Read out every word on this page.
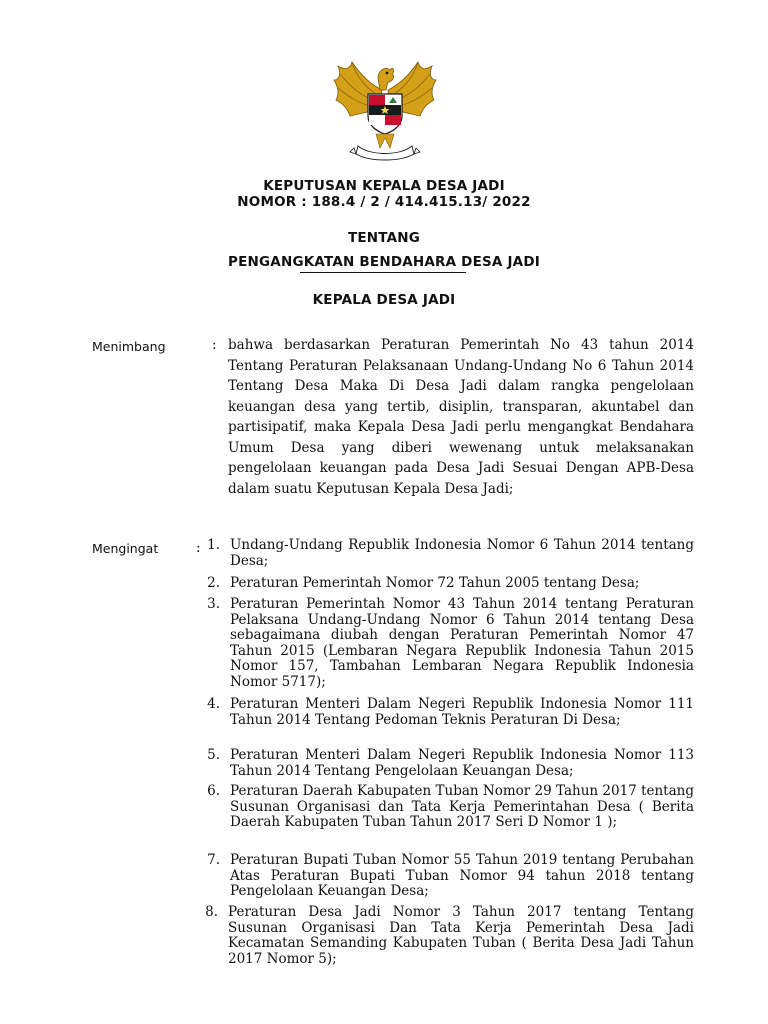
KEPUTUSAN KEPALA DESA JADI
NOMOR : 188.4 / 2 / 414.415.13/ 2022
TENTANG
PENGANGKATAN BENDAHARA DESA JADI
KEPALA DESA JADI
Menimbang	: bahwa berdasarkan Peraturan Pemerintah No 43 tahun 2014 Tentang Peraturan Pelaksanaan Undang-Undang No 6 Tahun 2014 Tentang Desa Maka Di Desa Jadi dalam rangka pengelolaan keuangan desa yang tertib, disiplin, transparan, akuntabel dan partisipatif, maka Kepala Desa Jadi perlu mengangkat Bendahara Umum Desa yang diberi wewenang untuk melaksanakan pengelolaan keuangan pada Desa Jadi Sesuai Dengan APB-Desa dalam suatu Keputusan Kepala Desa Jadi;

Mengingat	: 1. Undang-Undang Republik Indonesia Nomor 6 Tahun 2014 tentang Desa;
2. Peraturan Pemerintah Nomor 72 Tahun 2005 tentang Desa;
3. Peraturan Pemerintah Nomor 43 Tahun 2014 tentang Peraturan Pelaksana Undang-Undang Nomor 6 Tahun 2014 tentang Desa sebagaimana diubah dengan Peraturan Pemerintah Nomor 47 Tahun 2015 (Lembaran Negara Republik Indonesia Tahun 2015 Nomor 157, Tambahan Lembaran Negara Republik Indonesia Nomor 5717);
4. Peraturan Menteri Dalam Negeri Republik Indonesia Nomor 111 Tahun 2014 Tentang Pedoman Teknis Peraturan Di Desa;
5. Peraturan Menteri Dalam Negeri Republik Indonesia Nomor 113 Tahun 2014 Tentang Pengelolaan Keuangan Desa;
6. Peraturan Daerah Kabupaten Tuban Nomor 29 Tahun 2017 tentang Susunan Organisasi dan Tata Kerja Pemerintahan Desa ( Berita Daerah Kabupaten Tuban Tahun 2017 Seri D Nomor 1 );
7. Peraturan Bupati Tuban Nomor 55 Tahun 2019 tentang Perubahan Atas Peraturan Bupati Tuban Nomor 94 tahun 2018 tentang Pengelolaan Keuangan Desa;
8. Peraturan Desa Jadi Nomor 3 Tahun 2017 tentang Tentang Susunan Organisasi Dan Tata Kerja Pemerintah Desa Jadi Kecamatan Semanding Kabupaten Tuban ( Berita Desa Jadi Tahun 2017 Nomor 5);
